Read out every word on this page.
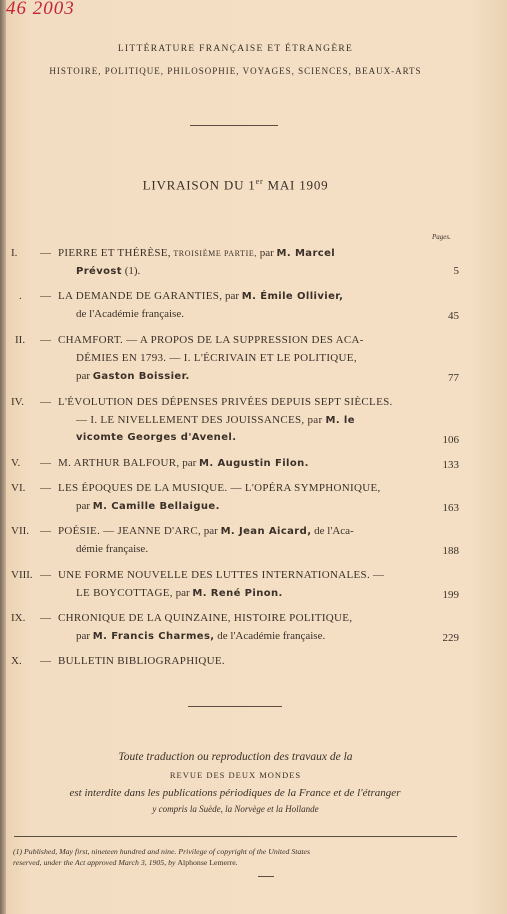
46 2003
LITTÉRATURE FRANÇAISE ET ÉTRANGÈRE
HISTOIRE, POLITIQUE, PHILOSOPHIE, VOYAGES, SCIENCES, BEAUX-ARTS
LIVRAISON DU 1er MAI 1909
Pages.
I. — PIERRE ET THÉRÈSE, TROISIÈME PARTIE, par M. Marcel
Prévost (1).	5
. — LA DEMANDE DE GARANTIES, par M. Émile Ollivier,
de l'Académie française.	45
II. — CHAMFORT. — A PROPOS DE LA SUPPRESSION DES ACA-
DÉMIES EN 1793. — I. L'ÉCRIVAIN ET LE POLITIQUE,
par Gaston Boissier.	77
IV. — L'ÉVOLUTION DES DÉPENSES PRIVÉES DEPUIS SEPT SIÈCLES.
— I. LE NIVELLEMENT DES JOUISSANCES, par M. le
vicomte Georges d'Avenel.	106
V. — M. ARTHUR BALFOUR, par M. Augustin Filon.	133
VI. — LES ÉPOQUES DE LA MUSIQUE. — L'OPÉRA SYMPHONIQUE,
par M. Camille Bellaigue.	163
VII. — POÉSIE. — JEANNE D'ARC, par M. Jean Aicard, de l'Aca-
démie française.	188
VIII. — UNE FORME NOUVELLE DES LUTTES INTERNATIONALES. —
LE BOYCOTTAGE, par M. René Pinon.	199
IX. — CHRONIQUE DE LA QUINZAINE, HISTOIRE POLITIQUE,
par M. Francis Charmes, de l'Académie française.	229
X. — BULLETIN BIBLIOGRAPHIQUE.
Toute traduction ou reproduction des travaux de la
REVUE DES DEUX MONDES
est interdite dans les publications périodiques de la France et de l'étranger
y compris la Suède, la Norvège et la Hollande
(1) Published, May first, nineteen hundred and nine. Privilege of copyright of the United States
reserved, under the Act approved March 3, 1905, by Alphonse Lemerre.
